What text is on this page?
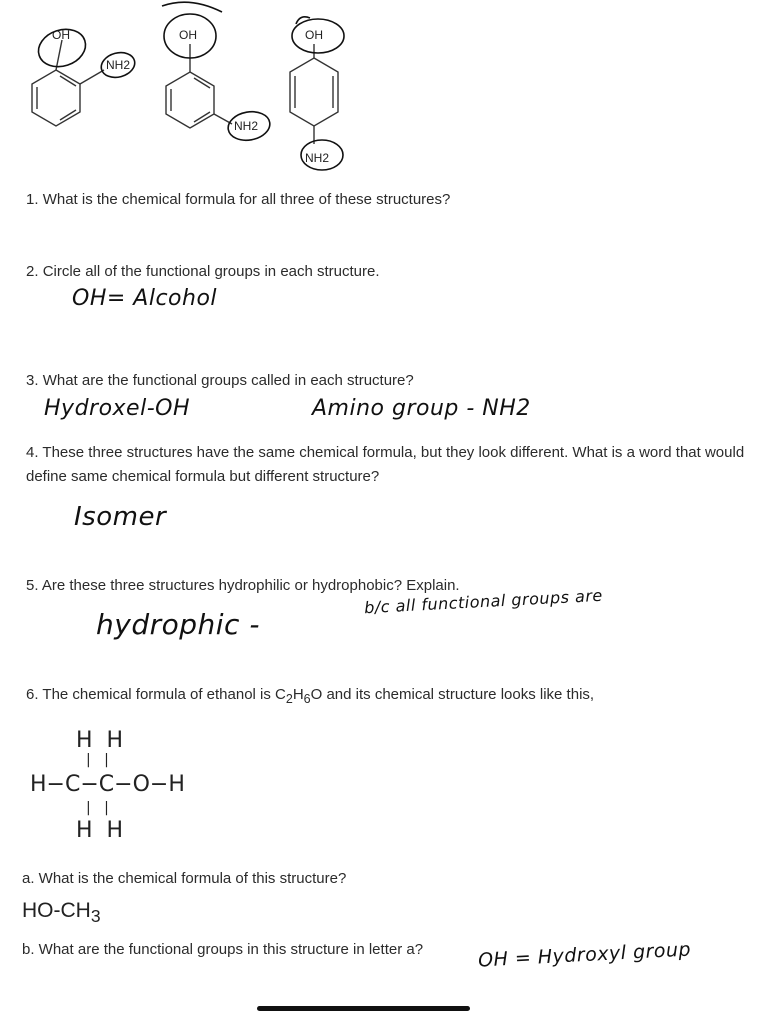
OH
NH2
OH
NH2
OH
NH2
1. What is the chemical formula for all three of these structures?
2. Circle all of the functional groups in each structure.
OH= Alcohol
3. What are the functional groups called in each structure?
Hydroxel-OH	Amino group - NH2
4. These three structures have the same chemical formula, but they look different. What is a word that would define same chemical formula but different structure?
Isomer
5. Are these three structures hydrophilic or hydrophobic? Explain.
hydrophic -
b/c all functional groups are
6. The chemical formula of ethanol is $C_2H_6O$ and its chemical structure looks like this,
H  H
|   |
H−C−C−O−H
|   |
H  H
a. What is the chemical formula of this structure?
$HO-CH_3$
b. What are the functional groups in this structure in letter a?	OH = Hydroxyl group
